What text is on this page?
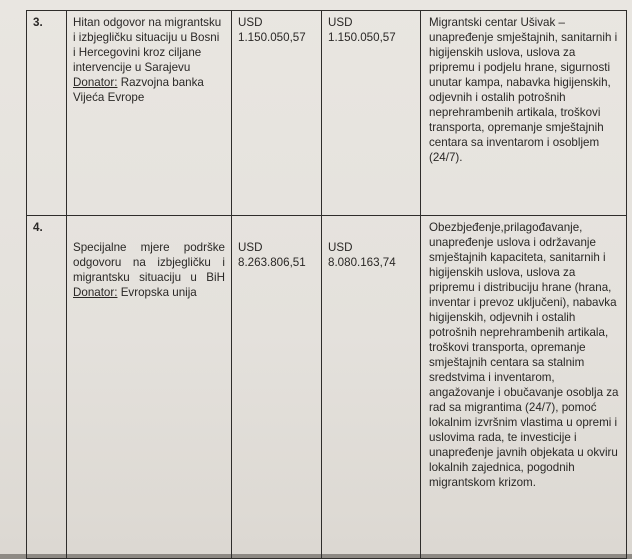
3.	Hitan odgovor na migrantsku i izbjegličku situaciju u Bosni i Hercegovini kroz ciljane intervencije u Sarajevu Donator: Razvojna banka Vijeća Evrope	USD 1.150.050,57	USD 1.150.050,57	Migrantski centar Ušivak – unapređenje smještajnih, sanitarnih i higijenskih uslova, uslova za pripremu i podjelu hrane, sigurnosti unutar kampa, nabavka higijenskih, odjevnih i ostalih potrošnih neprehrambenih artikala, troškovi transporta, opremanje smještajnih centara sa inventarom i osobljem (24/7).
4.	Specijalne mjere podrške odgovoru na izbjegličku i migrantsku situaciju u BiH Donator: Evropska unija	USD 8.263.806,51	USD 8.080.163,74	Obezbjeđenje,prilagođavanje, unapređenje uslova i održavanje smještajnih kapaciteta, sanitarnih i higijenskih uslova, uslova za pripremu i distribuciju hrane (hrana, inventar i prevoz uključeni), nabavka higijenskih, odjevnih i ostalih potrošnih neprehrambenih artikala, troškovi transporta, opremanje smještajnih centara sa stalnim sredstvima i inventarom, angažovanje i obučavanje osoblja za rad sa migrantima (24/7), pomoć lokalnim izvršnim vlastima u opremi i uslovima rada, te investicije i unapređenje javnih objekata u okviru lokalnih zajednica, pogodnih migrantskom krizom.
